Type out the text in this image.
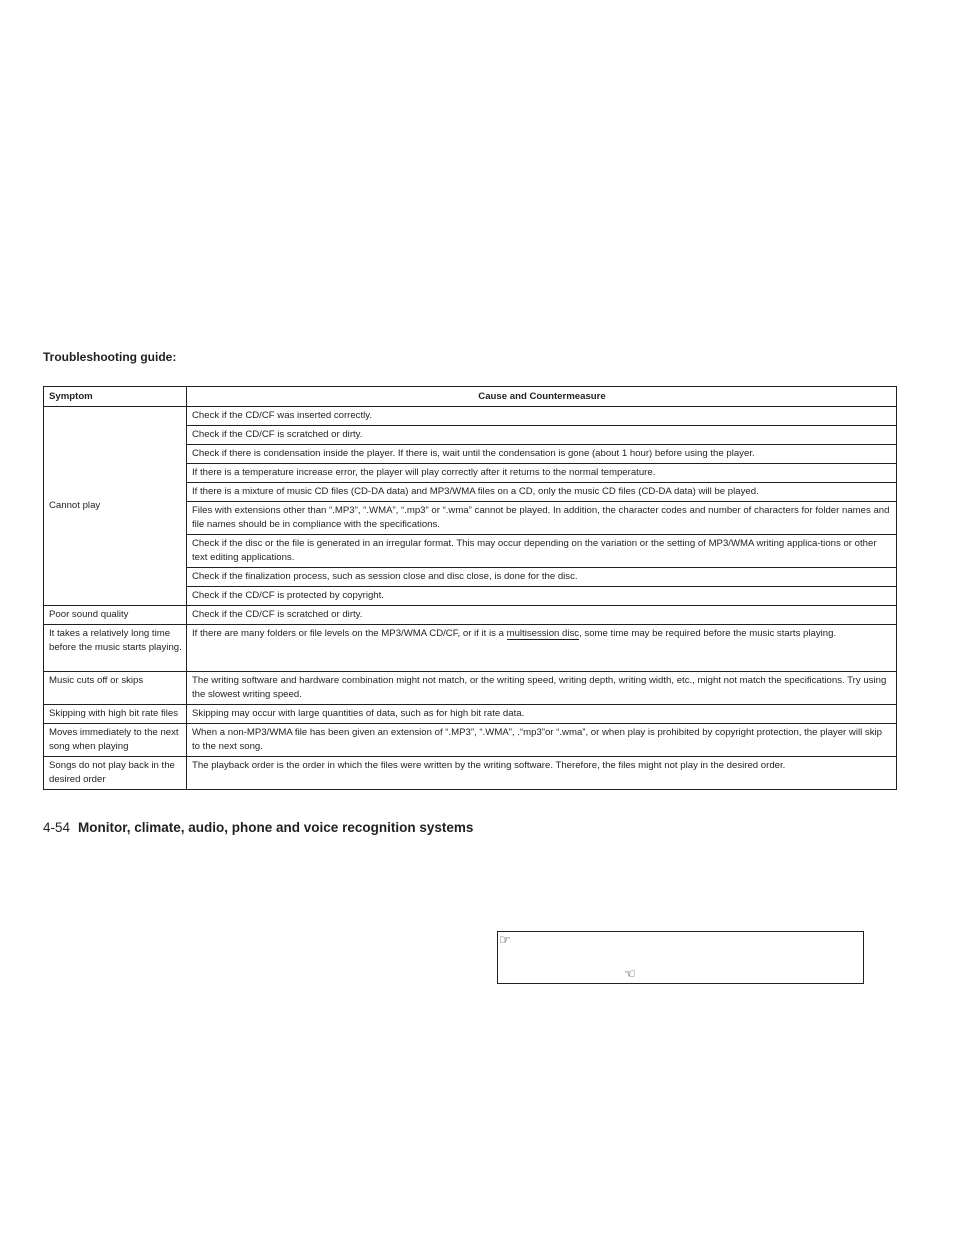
Troubleshooting guide:
Symptom	Cause and Countermeasure
Cannot play	Check if the CD/CF was inserted correctly.
	Check if the CD/CF is scratched or dirty.
	Check if there is condensation inside the player. If there is, wait until the condensation is gone (about 1 hour) before using the player.
	If there is a temperature increase error, the player will play correctly after it returns to the normal temperature.
	If there is a mixture of music CD files (CD-DA data) and MP3/WMA files on a CD, only the music CD files (CD-DA data) will be played.
	Files with extensions other than “.MP3”, “.WMA”, “.mp3” or “.wma” cannot be played. In addition, the character codes and number of characters for folder names and file names should be in compliance with the specifications.
	Check if the disc or the file is generated in an irregular format. This may occur depending on the variation or the setting of MP3/WMA writing applica-tions or other text editing applications.
	Check if the finalization process, such as session close and disc close, is done for the disc.
	Check if the CD/CF is protected by copyright.
Poor sound quality	Check if the CD/CF is scratched or dirty.
It takes a relatively long time before the music starts playing.	If there are many folders or file levels on the MP3/WMA CD/CF, or if it is a multisession disc, some time may be required before the music starts playing.
Music cuts off or skips	The writing software and hardware combination might not match, or the writing speed, writing depth, writing width, etc., might not match the specifications. Try using the slowest writing speed.
Skipping with high bit rate files	Skipping may occur with large quantities of data, such as for high bit rate data.
Moves immediately to the next song when playing	When a non-MP3/WMA file has been given an extension of “.MP3”, “.WMA”, .“mp3”or “.wma”, or when play is prohibited by copyright protection, the player will skip to the next song.
Songs do not play back in the desired order	The playback order is the order in which the files were written by the writing software. Therefore, the files might not play in the desired order.
4-54 Monitor, climate, audio, phone and voice recognition systems
☞
☜
